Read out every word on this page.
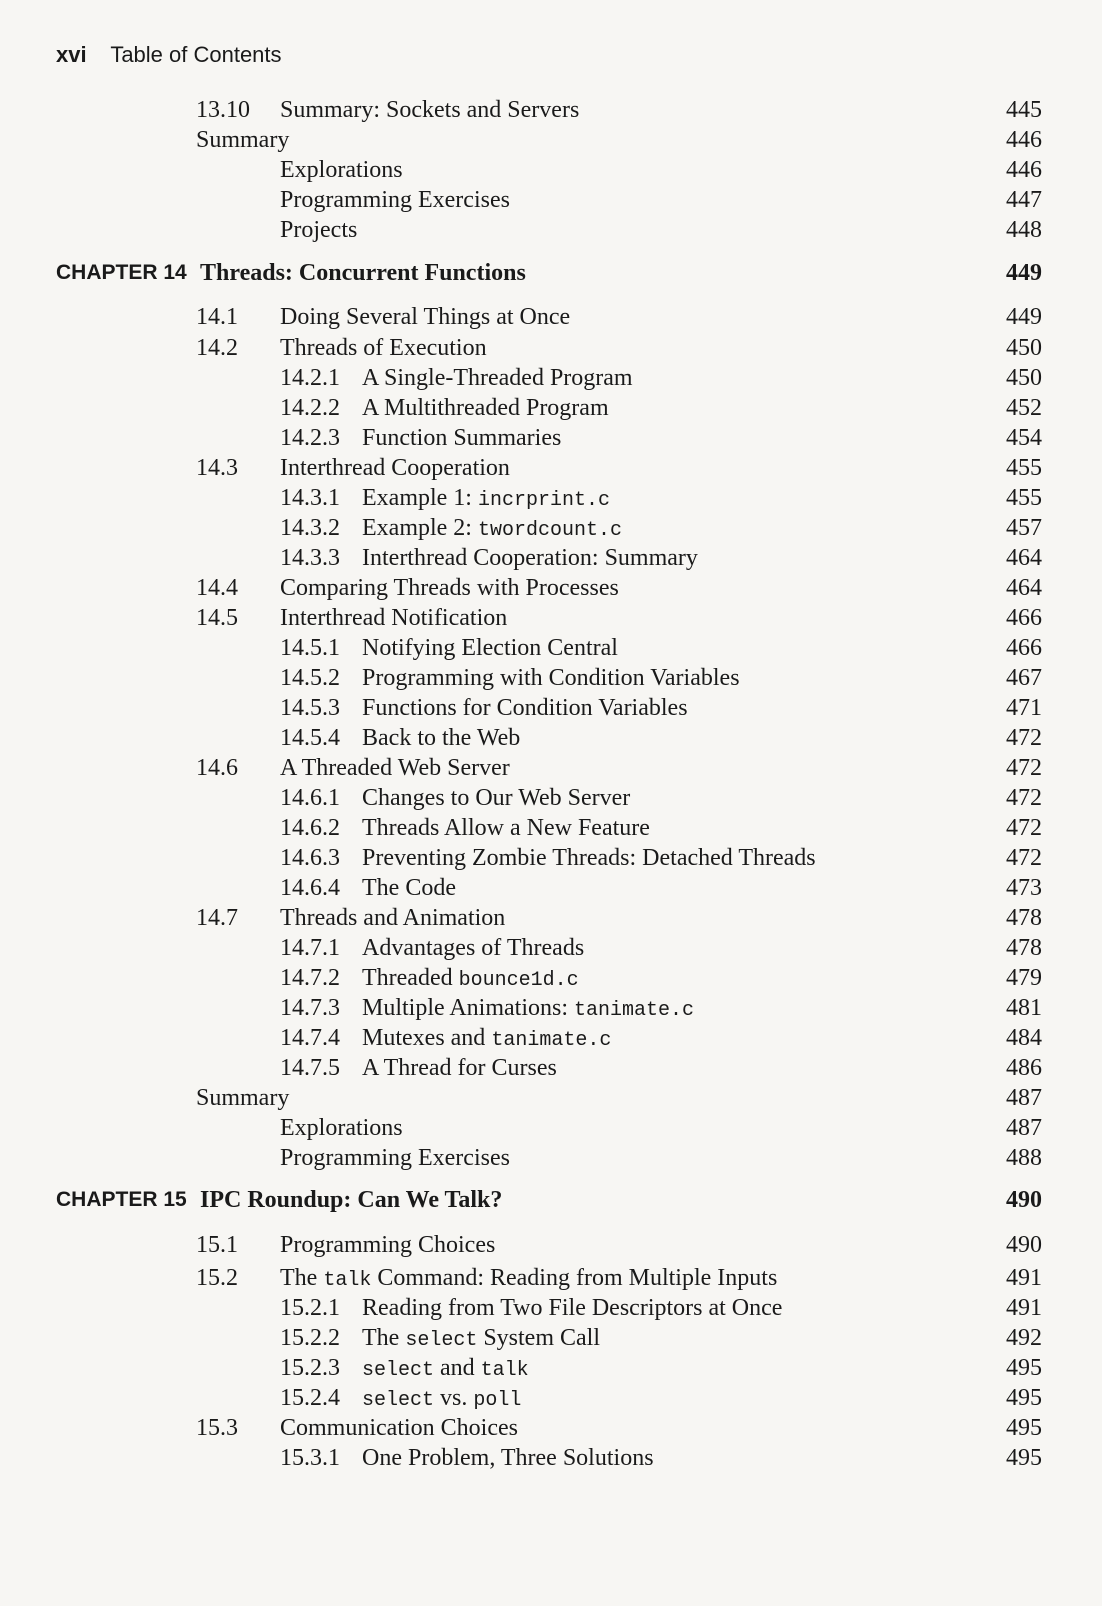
xvi Table of Contents
13.10 Summary: Sockets and Servers	445
Summary	446
Explorations	446
Programming Exercises	447
Projects	448
CHAPTER 14 Threads: Concurrent Functions	449
14.1 Doing Several Things at Once	449
14.2 Threads of Execution	450
14.2.1 A Single-Threaded Program	450
14.2.2 A Multithreaded Program	452
14.2.3 Function Summaries	454
14.3 Interthread Cooperation	455
14.3.1 Example 1: incrprint.c	455
14.3.2 Example 2: twordcount.c	457
14.3.3 Interthread Cooperation: Summary	464
14.4 Comparing Threads with Processes	464
14.5 Interthread Notification	466
14.5.1 Notifying Election Central	466
14.5.2 Programming with Condition Variables	467
14.5.3 Functions for Condition Variables	471
14.5.4 Back to the Web	472
14.6 A Threaded Web Server	472
14.6.1 Changes to Our Web Server	472
14.6.2 Threads Allow a New Feature	472
14.6.3 Preventing Zombie Threads: Detached Threads	472
14.6.4 The Code	473
14.7 Threads and Animation	478
14.7.1 Advantages of Threads	478
14.7.2 Threaded bounce1d.c	479
14.7.3 Multiple Animations: tanimate.c	481
14.7.4 Mutexes and tanimate.c	484
14.7.5 A Thread for Curses	486
Summary	487
Explorations	487
Programming Exercises	488
CHAPTER 15 IPC Roundup: Can We Talk?	490
15.1 Programming Choices	490
15.2 The talk Command: Reading from Multiple Inputs	491
15.2.1 Reading from Two File Descriptors at Once	491
15.2.2 The select System Call	492
15.2.3 select and talk	495
15.2.4 select vs. poll	495
15.3 Communication Choices	495
15.3.1 One Problem, Three Solutions	495
